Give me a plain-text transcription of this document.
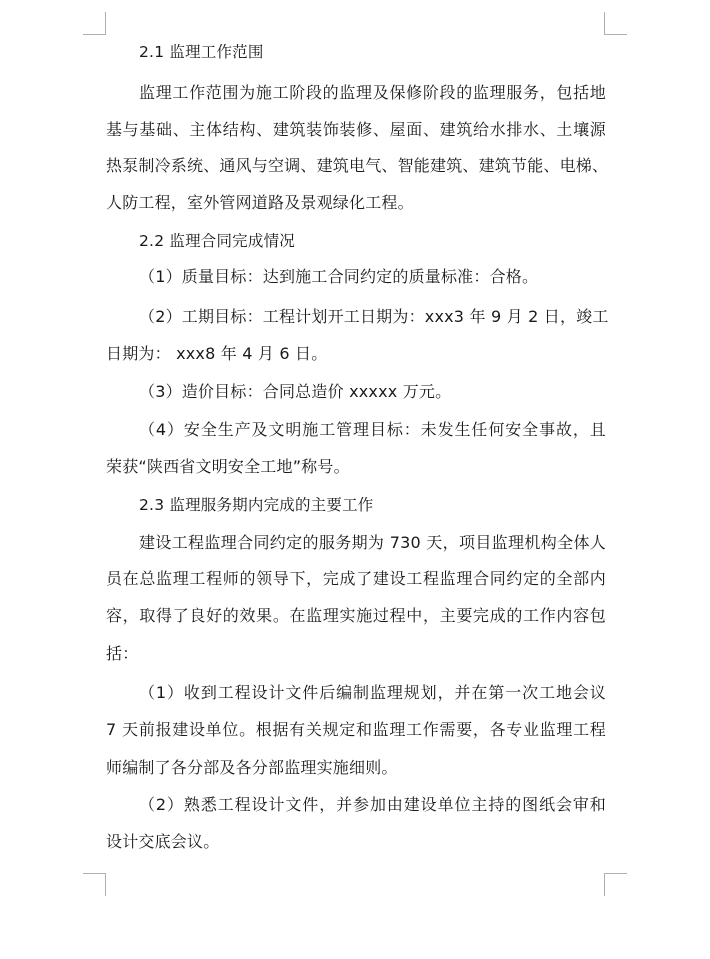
2.1 监理工作范围
监理工作范围为施工阶段的监理及保修阶段的监理服务，包括地
基与基础、主体结构、建筑装饰装修、屋面、建筑给水排水、土壤源
热泵制冷系统、通风与空调、建筑电气、智能建筑、建筑节能、电梯、
人防工程，室外管网道路及景观绿化工程。
2.2 监理合同完成情况
（1）质量目标：达到施工合同约定的质量标准：合格。
（2）工期目标：工程计划开工日期为：xxx3 年 9 月 2 日，竣工
日期为： xxx8 年 4 月 6 日。
（3）造价目标：合同总造价 xxxxx 万元。
（4）安全生产及文明施工管理目标：未发生任何安全事故，且
荣获“陕西省文明安全工地”称号。
2.3 监理服务期内完成的主要工作
建设工程监理合同约定的服务期为 730 天，项目监理机构全体人
员在总监理工程师的领导下，完成了建设工程监理合同约定的全部内
容，取得了良好的效果。在监理实施过程中，主要完成的工作内容包
括：
（1）收到工程设计文件后编制监理规划，并在第一次工地会议
7 天前报建设单位。根据有关规定和监理工作需要，各专业监理工程
师编制了各分部及各分部监理实施细则。
（2）熟悉工程设计文件，并参加由建设单位主持的图纸会审和
设计交底会议。
